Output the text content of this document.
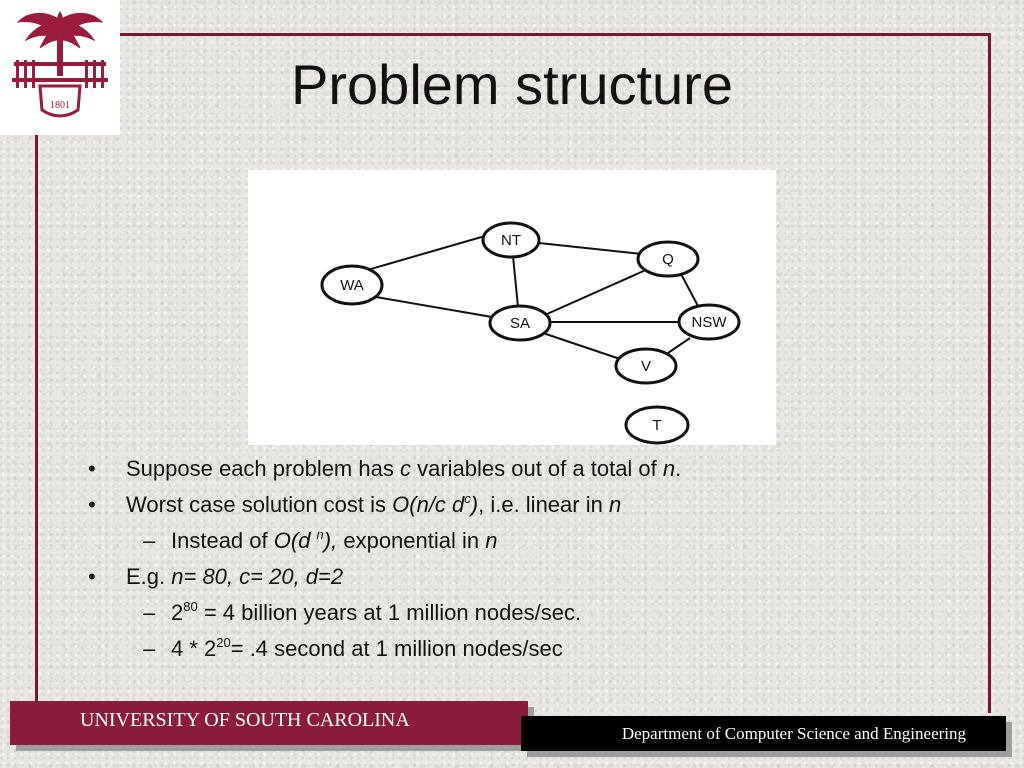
1801	Problem structure
NT
Q
WA
SA	NSW
V
T
• Suppose each problem has c variables out of a total of n.
• Worst case solution cost is O(n/c $d^c$), i.e. linear in n
– Instead of O(d $^n$), exponential in n
• E.g. n= 80, c= 20, d=2
– $2^{80} = 4$ billion years at 1 million nodes/sec.
– $4 * 2^{20}= .4$ second at 1 million nodes/sec
UNIVERSITY OF SOUTH CAROLINA
Department of Computer Science and Engineering
